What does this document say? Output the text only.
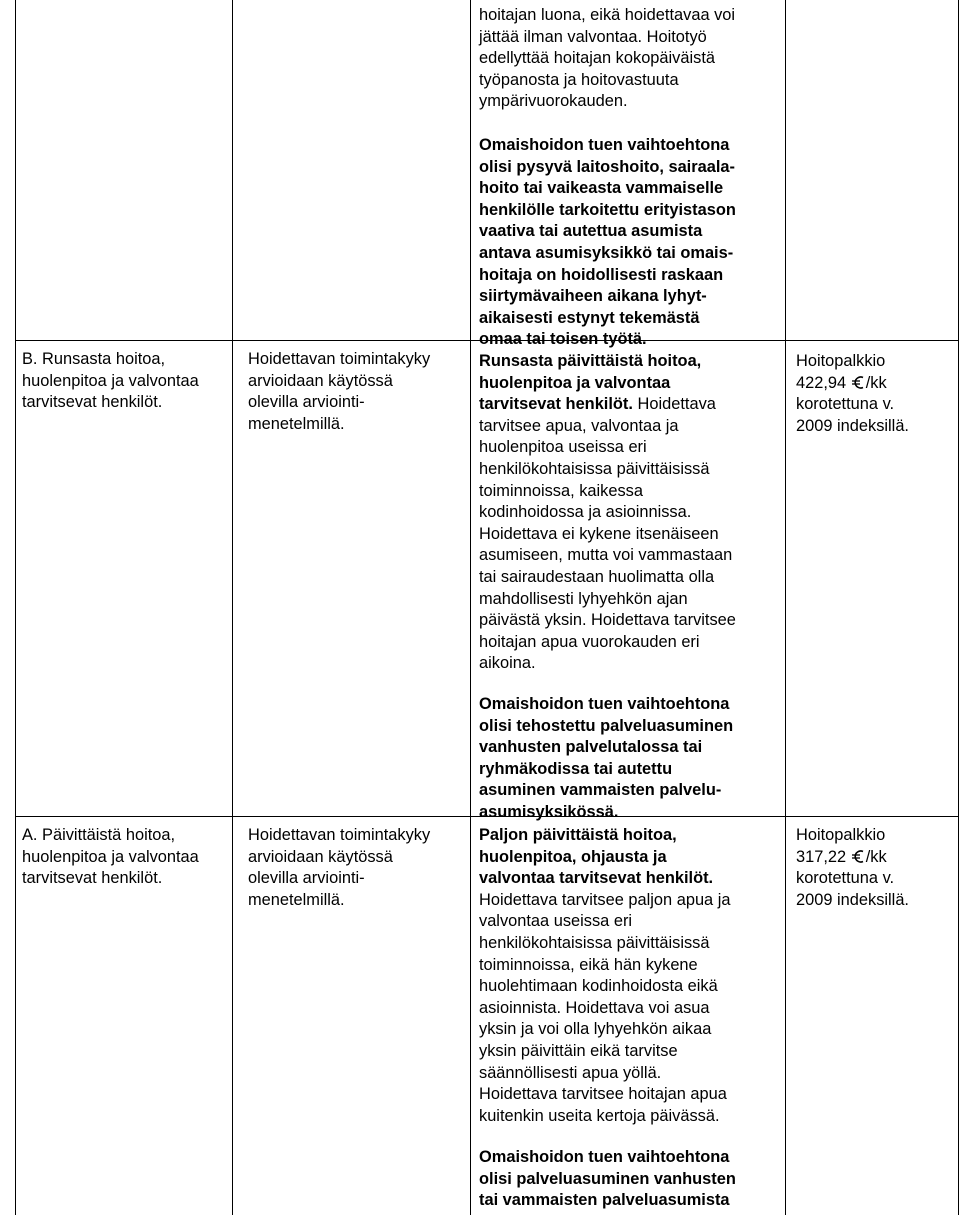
hoitajan luona, eikä hoidettavaa voi
jättää ilman valvontaa. Hoitotyö
edellyttää hoitajan kokopäiväistä
työpanosta ja hoitovastuuta
ympärivuorokauden.
Omaishoidon tuen vaihtoehtona
olisi pysyvä laitoshoito, sairaala-
hoito tai vaikeasta vammaiselle
henkilölle tarkoitettu erityistason
vaativa tai autettua asumista
antava asumisyksikkö tai omais-
hoitaja on hoidollisesti raskaan
siirtymävaiheen aikana lyhyt-
aikaisesti estynyt tekemästä
omaa tai toisen työtä.
B. Runsasta hoitoa,
huolenpitoa ja valvontaa
tarvitsevat henkilöt.
Hoidettavan toimintakyky
arvioidaan käytössä
olevilla arviointi-
menetelmillä.
Runsasta päivittäistä hoitoa,
huolenpitoa ja valvontaa
tarvitsevat henkilöt. Hoidettava
tarvitsee apua, valvontaa ja
huolenpitoa useissa eri
henkilökohtaisissa päivittäisissä
toiminnoissa, kaikessa
kodinhoidossa ja asioinnissa.
Hoidettava ei kykene itsenäiseen
asumiseen, mutta voi vammastaan
tai sairaudestaan huolimatta olla
mahdollisesti lyhyehkön ajan
päivästä yksin. Hoidettava tarvitsee
hoitajan apua vuorokauden eri
aikoina.
Hoitopalkkio
422,94 /kk
korotettuna v.
2009 indeksillä.
Omaishoidon tuen vaihtoehtona
olisi tehostettu palveluasuminen
vanhusten palvelutalossa tai
ryhmäkodissa tai autettu
asuminen vammaisten palvelu-
asumisyksikössä.
A. Päivittäistä hoitoa,
huolenpitoa ja valvontaa
tarvitsevat henkilöt.
Hoidettavan toimintakyky
arvioidaan käytössä
olevilla arviointi-
menetelmillä.
Paljon päivittäistä hoitoa,
huolenpitoa, ohjausta ja
valvontaa tarvitsevat henkilöt.
Hoidettava tarvitsee paljon apua ja
valvontaa useissa eri
henkilökohtaisissa päivittäisissä
toiminnoissa, eikä hän kykene
huolehtimaan kodinhoidosta eikä
asioinnista. Hoidettava voi asua
yksin ja voi olla lyhyehkön aikaa
yksin päivittäin eikä tarvitse
säännöllisesti apua yöllä.
Hoidettava tarvitsee hoitajan apua
kuitenkin useita kertoja päivässä.
Hoitopalkkio
317,22 /kk
korotettuna v.
2009 indeksillä.
Omaishoidon tuen vaihtoehtona
olisi palveluasuminen vanhusten
tai vammaisten palveluasumista
